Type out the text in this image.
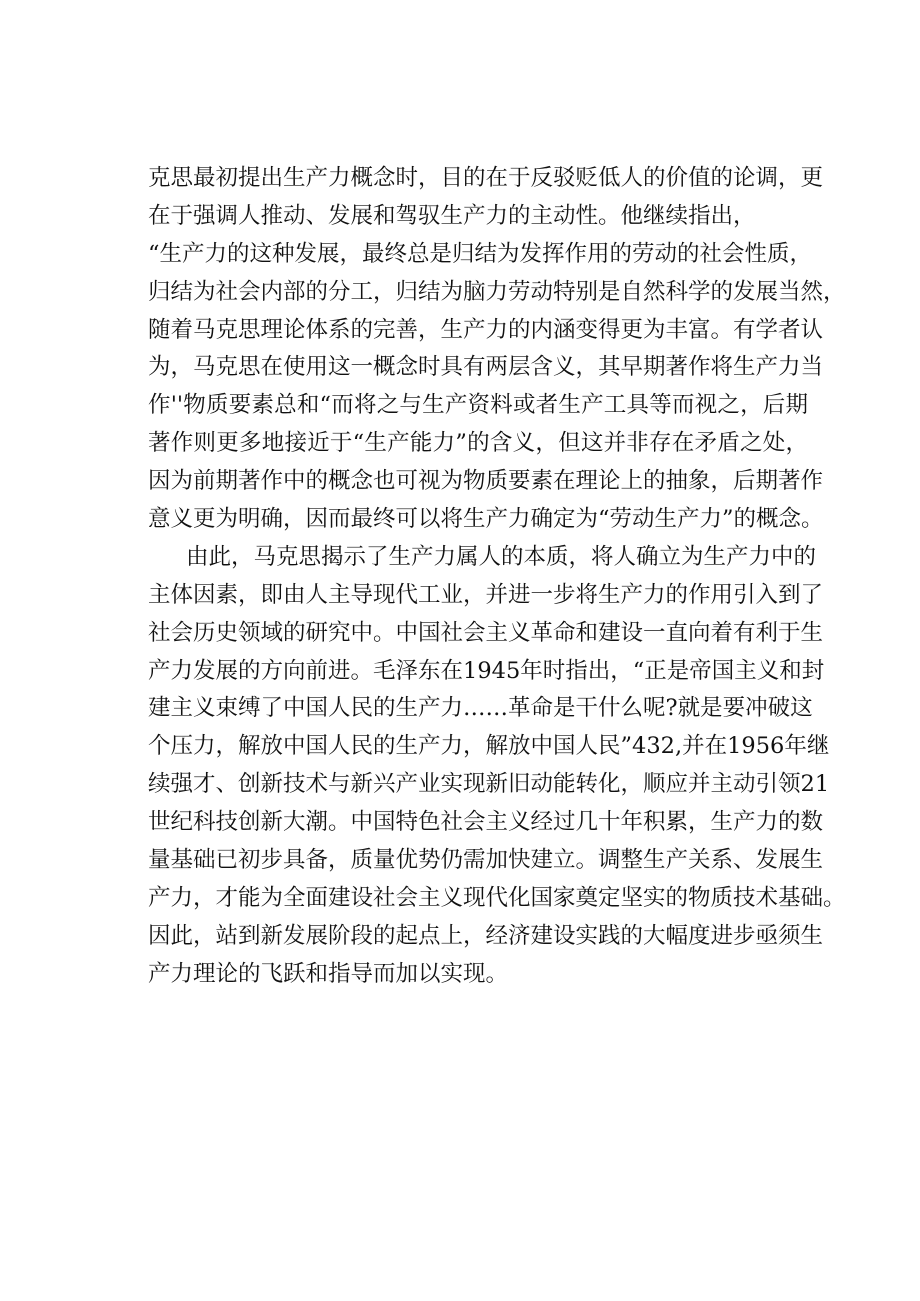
克思最初提出生产力概念时，目的在于反驳贬低人的价值的论调，更
在于强调人推动、发展和驾驭生产力的主动性。他继续指出，
“生产力的这种发展，最终总是归结为发挥作用的劳动的社会性质，
归结为社会内部的分工，归结为脑力劳动特别是自然科学的发展当然，
随着马克思理论体系的完善，生产力的内涵变得更为丰富。有学者认
为，马克思在使用这一概念时具有两层含义，其早期著作将生产力当
作''物质要素总和“而将之与生产资料或者生产工具等而视之，后期
著作则更多地接近于“生产能力”的含义，但这并非存在矛盾之处，
因为前期著作中的概念也可视为物质要素在理论上的抽象，后期著作
意义更为明确，因而最终可以将生产力确定为“劳动生产力”的概念。
由此，马克思揭示了生产力属人的本质，将人确立为生产力中的
主体因素，即由人主导现代工业，并进一步将生产力的作用引入到了
社会历史领域的研究中。中国社会主义革命和建设一直向着有利于生
产力发展的方向前进。毛泽东在1945年时指出，“正是帝国主义和封
建主义束缚了中国人民的生产力……革命是干什么呢?就是要冲破这
个压力，解放中国人民的生产力，解放中国人民”432,并在1956年继
续强才、创新技术与新兴产业实现新旧动能转化，顺应并主动引领21
世纪科技创新大潮。中国特色社会主义经过几十年积累，生产力的数
量基础已初步具备，质量优势仍需加快建立。调整生产关系、发展生
产力，才能为全面建设社会主义现代化国家奠定坚实的物质技术基础。
因此，站到新发展阶段的起点上，经济建设实践的大幅度进步亟须生
产力理论的飞跃和指导而加以实现。
